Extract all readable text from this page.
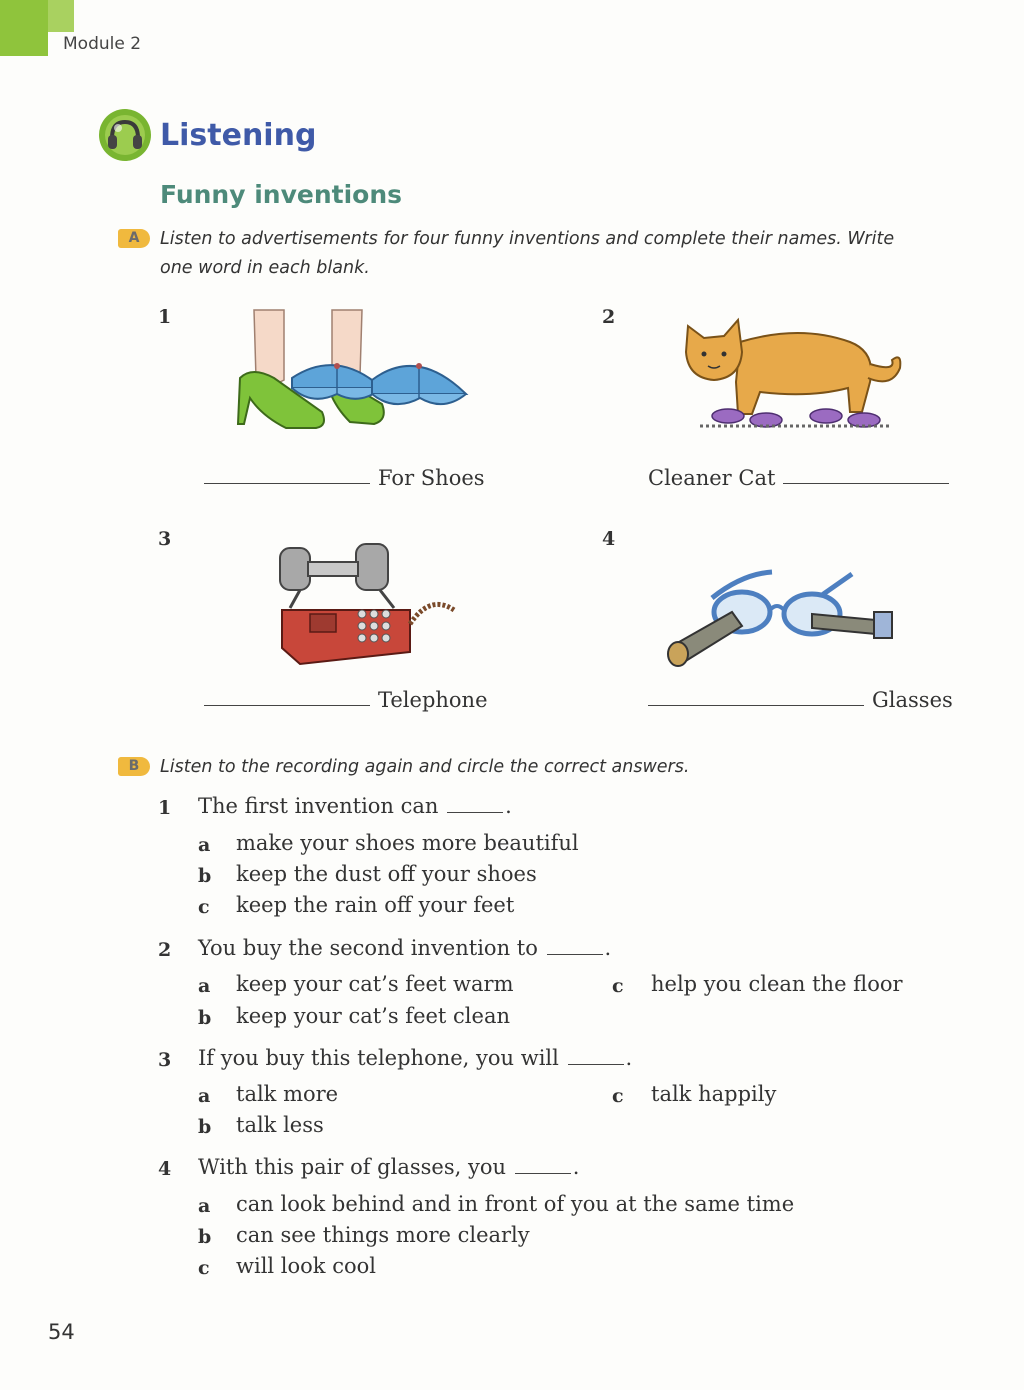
Module 2
Listening
Funny inventions
A	Listen to advertisements for four funny inventions and complete their names. Write
one word in each blank.
1
For Shoes
2
Cleaner Cat
3
Telephone
4
Glasses
B	Listen to the recording again and circle the correct answers.
1 The first invention can	.
a make your shoes more beautiful
b keep the dust off your shoes
c keep the rain off your feet
2 You buy the second invention to	.
a keep your cat’s feet warm
b keep your cat’s feet clean
c help you clean the floor
3 If you buy this telephone, you will	.
a talk more
b talk less
c talk happily
4 With this pair of glasses, you	.
a can look behind and in front of you at the same time
b can see things more clearly
c will look cool
54
